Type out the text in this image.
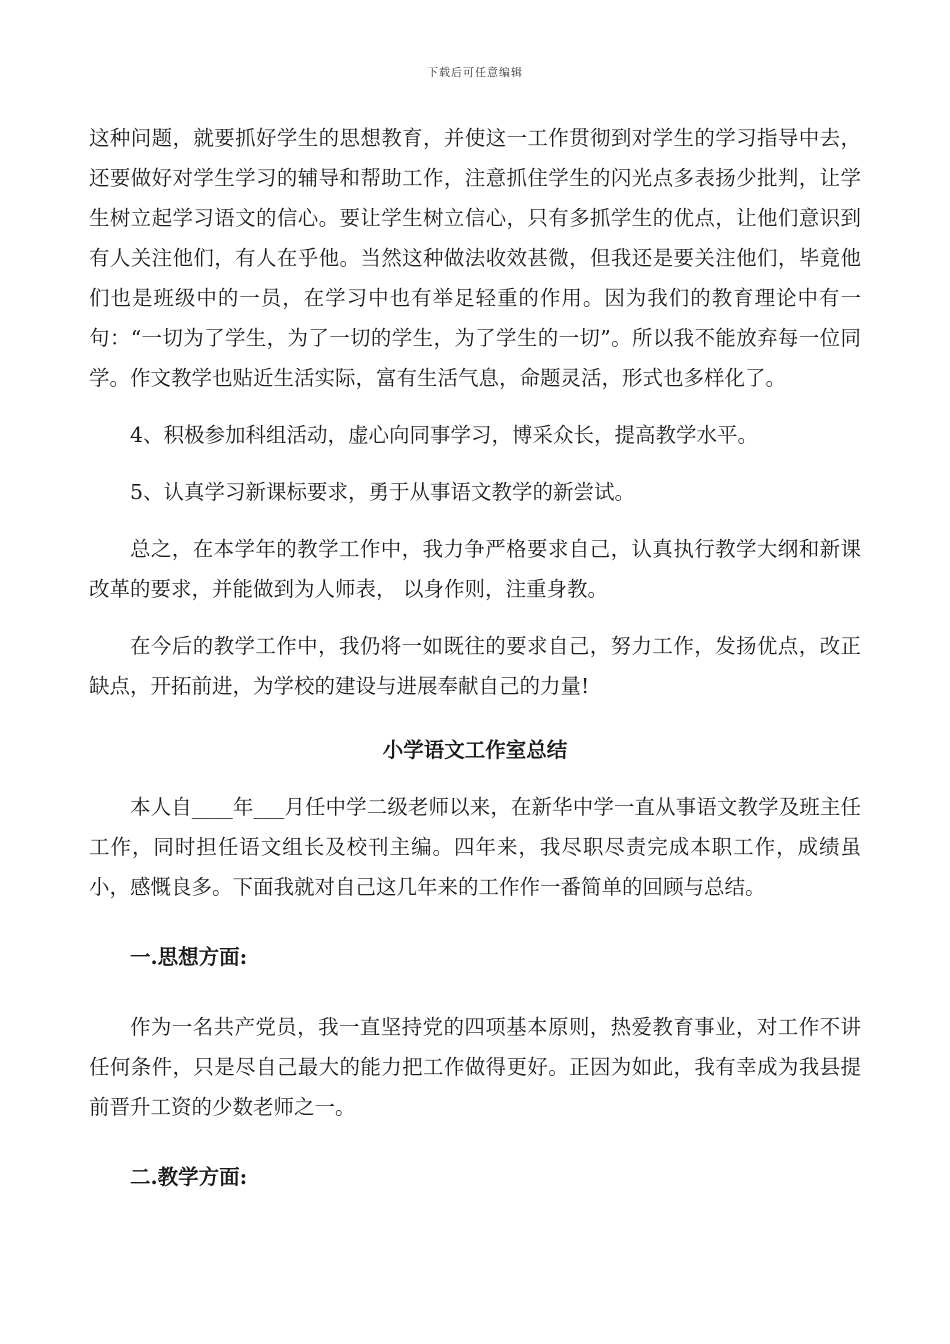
下载后可任意编辑

这种问题，就要抓好学生的思想教育，并使这一工作贯彻到对学生的学习指导中去，还要做好对学生学习的辅导和帮助工作，注意抓住学生的闪光点多表扬少批判，让学生树立起学习语文的信心。要让学生树立信心，只有多抓学生的优点，让他们意识到有人关注他们，有人在乎他。当然这种做法收效甚微，但我还是要关注他们，毕竟他们也是班级中的一员，在学习中也有举足轻重的作用。因为我们的教育理论中有一句：“一切为了学生，为了一切的学生，为了学生的一切”。所以我不能放弃每一位同学。作文教学也贴近生活实际，富有生活气息，命题灵活，形式也多样化了。

4、积极参加科组活动，虚心向同事学习，博采众长，提高教学水平。

5、认真学习新课标要求，勇于从事语文教学的新尝试。

总之，在本学年的教学工作中，我力争严格要求自己，认真执行教学大纲和新课改革的要求，并能做到为人师表， 以身作则，注重身教。

在今后的教学工作中，我仍将一如既往的要求自己，努力工作，发扬优点，改正缺点，开拓前进，为学校的建设与进展奉献自己的力量!

小学语文工作室总结

本人自____年___月任中学二级老师以来，在新华中学一直从事语文教学及班主任工作，同时担任语文组长及校刊主编。四年来，我尽职尽责完成本职工作，成绩虽小，感慨良多。下面我就对自己这几年来的工作作一番简单的回顾与总结。

一.思想方面:

作为一名共产党员，我一直坚持党的四项基本原则，热爱教育事业，对工作不讲任何条件，只是尽自己最大的能力把工作做得更好。正因为如此，我有幸成为我县提前晋升工资的少数老师之一。

二.教学方面:
